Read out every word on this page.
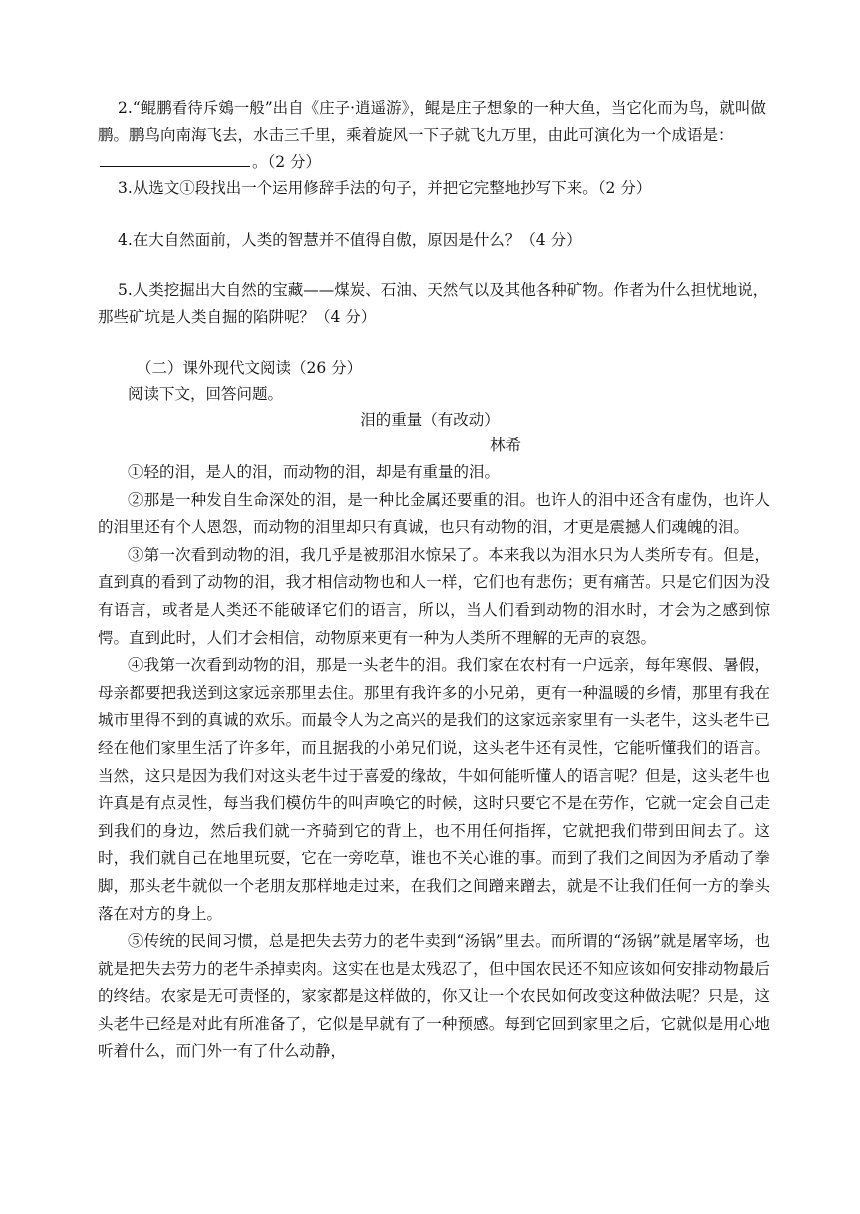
2.“鲲鹏看待斥鴳一般”出自《庄子·逍遥游》，鲲是庄子想象的一种大鱼，当它化而为鸟，就叫做鹏。鹏鸟向南海飞去，水击三千里，乘着旋风一下子就飞九万里，由此可演化为一个成语是：。（2 分）

3.从选文①段找出一个运用修辞手法的句子，并把它完整地抄写下来。（2 分）

4.在大自然面前，人类的智慧并不值得自傲，原因是什么？（4 分）

5.人类挖掘出大自然的宝藏——煤炭、石油、天然气以及其他各种矿物。作者为什么担忧地说，那些矿坑是人类自掘的陷阱呢？（4 分）

（二）课外现代文阅读（26 分）
阅读下文，回答问题。
泪的重量（有改动）
林希

①轻的泪，是人的泪，而动物的泪，却是有重量的泪。

②那是一种发自生命深处的泪，是一种比金属还要重的泪。也许人的泪中还含有虚伪，也许人的泪里还有个人恩怨，而动物的泪里却只有真诚，也只有动物的泪，才更是震撼人们魂魄的泪。

③第一次看到动物的泪，我几乎是被那泪水惊呆了。本来我以为泪水只为人类所专有。但是，直到真的看到了动物的泪，我才相信动物也和人一样，它们也有悲伤；更有痛苦。只是它们因为没有语言，或者是人类还不能破译它们的语言，所以，当人们看到动物的泪水时，才会为之感到惊愕。直到此时，人们才会相信，动物原来更有一种为人类所不理解的无声的哀怨。

④我第一次看到动物的泪，那是一头老牛的泪。我们家在农村有一户远亲，每年寒假、暑假，母亲都要把我送到这家远亲那里去住。那里有我许多的小兄弟，更有一种温暖的乡情，那里有我在城市里得不到的真诚的欢乐。而最令人为之高兴的是我们的这家远亲家里有一头老牛，这头老牛已经在他们家里生活了许多年，而且据我的小弟兄们说，这头老牛还有灵性，它能听懂我们的语言。当然，这只是因为我们对这头老牛过于喜爱的缘故，牛如何能听懂人的语言呢？但是，这头老牛也许真是有点灵性，每当我们模仿牛的叫声唤它的时候，这时只要它不是在劳作，它就一定会自己走到我们的身边，然后我们就一齐骑到它的背上，也不用任何指挥，它就把我们带到田间去了。这时，我们就自己在地里玩耍，它在一旁吃草，谁也不关心谁的事。而到了我们之间因为矛盾动了拳脚，那头老牛就似一个老朋友那样地走过来，在我们之间蹭来蹭去，就是不让我们任何一方的拳头落在对方的身上。

⑤传统的民间习惯，总是把失去劳力的老牛卖到“汤锅”里去。而所谓的“汤锅”就是屠宰场，也就是把失去劳力的老牛杀掉卖肉。这实在也是太残忍了，但中国农民还不知应该如何安排动物最后的终结。农家是无可责怪的，家家都是这样做的，你又让一个农民如何改变这种做法呢？只是，这头老牛已经是对此有所准备了，它似是早就有了一种预感。每到它回到家里之后，它就似是用心地听着什么，而门外一有了什么动静，
